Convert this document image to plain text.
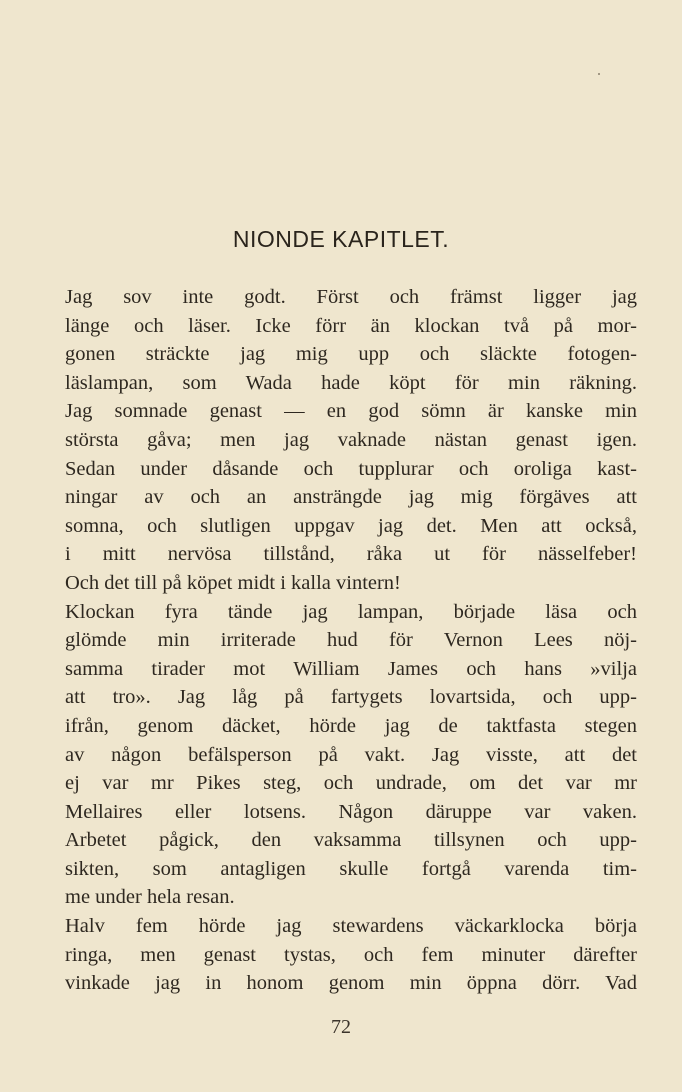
NIONDE KAPITLET.
Jag sov inte godt. Först och främst ligger jag
länge och läser. Icke förr än klockan två på mor-
gonen sträckte jag mig upp och släckte fotogen-
läslampan, som Wada hade köpt för min räkning.
Jag somnade genast — en god sömn är kanske min
största gåva; men jag vaknade nästan genast igen.
Sedan under dåsande och tupplurar och oroliga kast-
ningar av och an ansträngde jag mig förgäves att
somna, och slutligen uppgav jag det. Men att också,
i mitt nervösa tillstånd, råka ut för nässelfeber!
Och det till på köpet midt i kalla vintern!
Klockan fyra tände jag lampan, började läsa och
glömde min irriterade hud för Vernon Lees nöj-
samma tirader mot William James och hans »vilja
att tro». Jag låg på fartygets lovartsida, och upp-
ifrån, genom däcket, hörde jag de taktfasta stegen
av någon befälsperson på vakt. Jag visste, att det
ej var mr Pikes steg, och undrade, om det var mr
Mellaires eller lotsens. Någon däruppe var vaken.
Arbetet pågick, den vaksamma tillsynen och upp-
sikten, som antagligen skulle fortgå varenda tim-
me under hela resan.
Halv fem hörde jag stewardens väckarklocka börja
ringa, men genast tystas, och fem minuter därefter
vinkade jag in honom genom min öppna dörr. Vad
72
